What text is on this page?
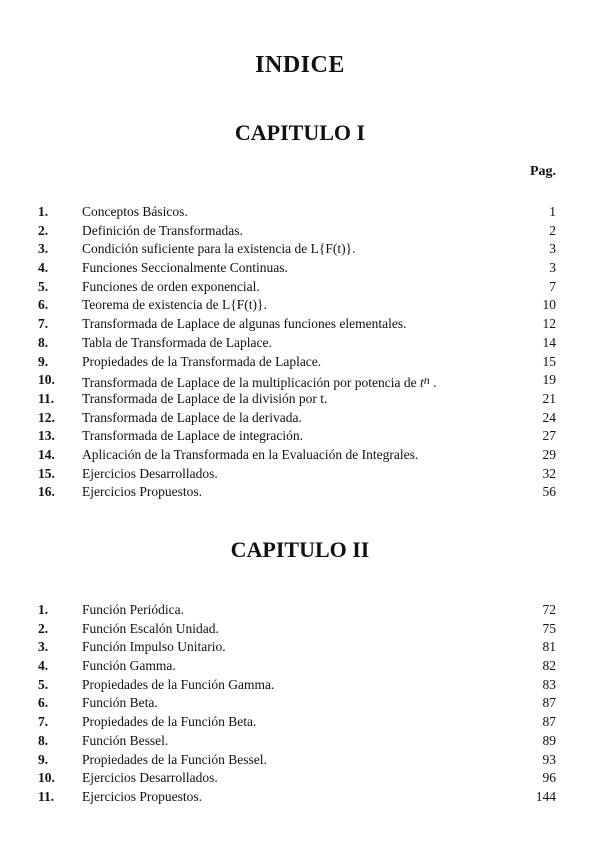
INDICE
CAPITULO I
Pag.
1.	Conceptos Básicos.	1
2.	Definición de Transformadas.	2
3.	Condición suficiente para la existencia de L{F(t)}.	3
4.	Funciones Seccionalmente Continuas.	3
5.	Funciones de orden exponencial.	7
6.	Teorema de existencia de L{F(t)}.	10
7.	Transformada de Laplace de algunas funciones elementales.	12
8.	Tabla de Transformada de Laplace.	14
9.	Propiedades de la Transformada de Laplace.	15
10. Transformada de Laplace de la multiplicación por potencia de tn .	19
11. Transformada de Laplace de la división por t.	21
12. Transformada de Laplace de la derivada.	24
13. Transformada de Laplace de integración.	27
14. Aplicación de la Transformada en la Evaluación de Integrales.	29
15. Ejercicios Desarrollados.	32
16. Ejercicios Propuestos.	56
CAPITULO II
1.	Función Periódica.	72
2.	Función Escalón Unidad.	75
3.	Función Impulso Unitario.	81
4.	Función Gamma.	82
5.	Propiedades de la Función Gamma.	83
6.	Función Beta.	87
7.	Propiedades de la Función Beta.	87
8.	Función Bessel.	89
9.	Propiedades de la Función Bessel.	93
10. Ejercicios Desarrollados.	96
11. Ejercicios Propuestos.	144
